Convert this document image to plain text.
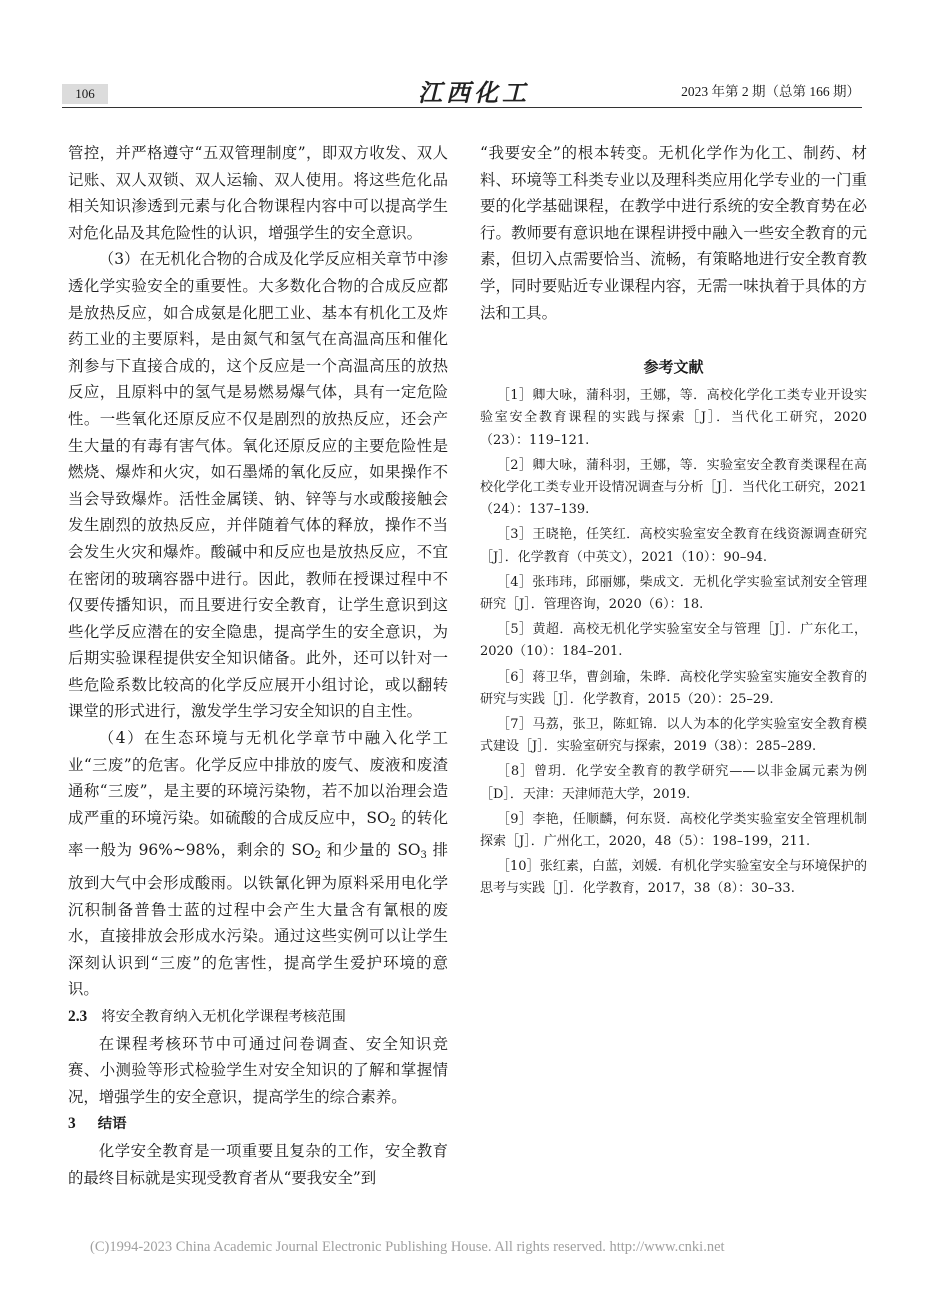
106	江西化工	2023 年第 2 期（总第 166 期）

管控，并严格遵守“五双管理制度”，即双方收发、双人记账、双人双锁、双人运输、双人使用。将这些危化品相关知识渗透到元素与化合物课程内容中可以提高学生对危化品及其危险性的认识，增强学生的安全意识。

（3）在无机化合物的合成及化学反应相关章节中渗透化学实验安全的重要性。大多数化合物的合成反应都是放热反应，如合成氨是化肥工业、基本有机化工及炸药工业的主要原料，是由氮气和氢气在高温高压和催化剂参与下直接合成的，这个反应是一个高温高压的放热反应，且原料中的氢气是易燃易爆气体，具有一定危险性。一些氧化还原反应不仅是剧烈的放热反应，还会产生大量的有毒有害气体。氧化还原反应的主要危险性是燃烧、爆炸和火灾，如石墨烯的氧化反应，如果操作不当会导致爆炸。活性金属镁、钠、锌等与水或酸接触会发生剧烈的放热反应，并伴随着气体的释放，操作不当会发生火灾和爆炸。酸碱中和反应也是放热反应，不宜在密闭的玻璃容器中进行。因此，教师在授课过程中不仅要传播知识，而且要进行安全教育，让学生意识到这些化学反应潜在的安全隐患，提高学生的安全意识，为后期实验课程提供安全知识储备。此外，还可以针对一些危险系数比较高的化学反应展开小组讨论，或以翻转课堂的形式进行，激发学生学习安全知识的自主性。

（4）在生态环境与无机化学章节中融入化学工业“三废”的危害。化学反应中排放的废气、废液和废渣通称“三废”，是主要的环境污染物，若不加以治理会造成严重的环境污染。如硫酸的合成反应中，$SO_2$ 的转化率一般为 96%~98%，剩余的 $SO_2$ 和少量的 $SO_3$ 排放到大气中会形成酸雨。以铁氰化钾为原料采用电化学沉积制备普鲁士蓝的过程中会产生大量含有氰根的废水，直接排放会形成水污染。通过这些实例可以让学生深刻认识到“三废”的危害性，提高学生爱护环境的意识。

2.3 将安全教育纳入无机化学课程考核范围

在课程考核环节中可通过问卷调查、安全知识竞赛、小测验等形式检验学生对安全知识的了解和掌握情况，增强学生的安全意识，提高学生的综合素养。

3 结语

化学安全教育是一项重要且复杂的工作，安全教育的最终目标就是实现受教育者从“要我安全”到

“我要安全”的根本转变。无机化学作为化工、制药、材料、环境等工科类专业以及理科类应用化学专业的一门重要的化学基础课程，在教学中进行系统的安全教育势在必行。教师要有意识地在课程讲授中融入一些安全教育的元素，但切入点需要恰当、流畅，有策略地进行安全教育教学，同时要贴近专业课程内容，无需一味执着于具体的方法和工具。

参考文献
［1］卿大咏，蒲科羽，王娜，等．高校化学化工类专业开设实验室安全教育课程的实践与探索［J］．当代化工研究，2020（23）：119–121.
［2］卿大咏，蒲科羽，王娜，等．实验室安全教育类课程在高校化学化工类专业开设情况调查与分析［J］．当代化工研究，2021（24）：137–139.
［3］王晓艳，任笑红．高校实验室安全教育在线资源调查研究［J］．化学教育（中英文），2021（10）：90–94.
［4］张玮玮，邱丽娜，柴成文．无机化学实验室试剂安全管理研究［J］．管理咨询，2020（6）：18.
［5］黄超．高校无机化学实验室安全与管理［J］．广东化工，2020（10）：184–201.
［6］蒋卫华，曹剑瑜，朱晔．高校化学实验室实施安全教育的研究与实践［J］．化学教育，2015（20）：25–29.
［7］马荔，张卫，陈虹锦．以人为本的化学实验室安全教育模式建设［J］．实验室研究与探索，2019（38）：285–289.
［8］曾玥．化学安全教育的教学研究——以非金属元素为例［D］．天津：天津师范大学，2019.
［9］李艳，任顺麟，何东贤．高校化学类实验室安全管理机制探索［J］．广州化工，2020，48（5）：198–199，211.
［10］张红素，白蓝，刘媛．有机化学实验室安全与环境保护的思考与实践［J］．化学教育，2017，38（8）：30–33.
(C)1994-2023 China Academic Journal Electronic Publishing House. All rights reserved. http://www.cnki.net
